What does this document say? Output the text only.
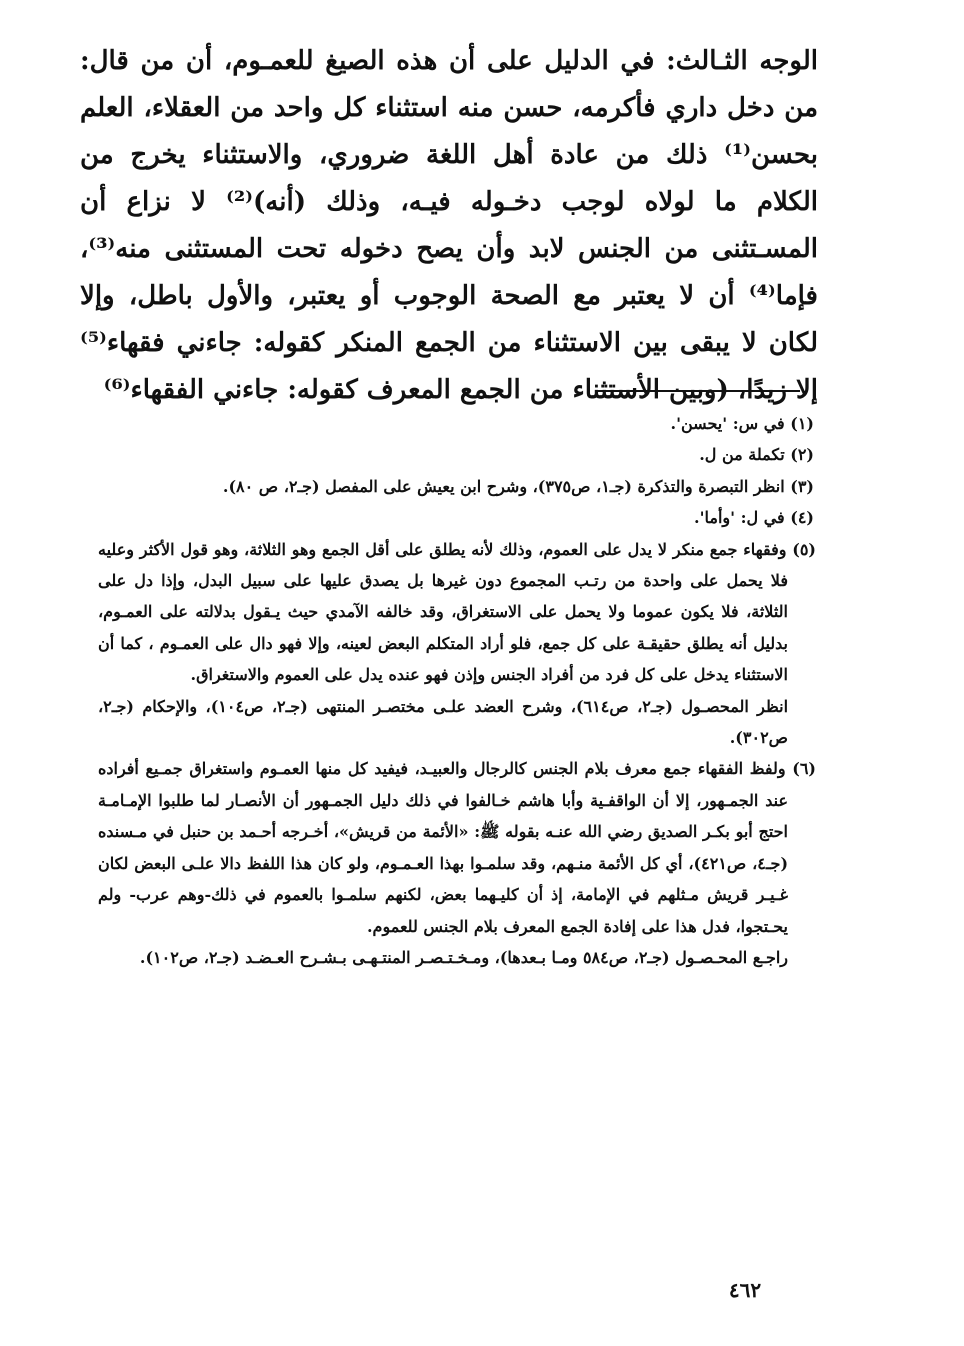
الوجه الثـالث: في الدليل على أن هذه الصيغ للعمـوم، أن من قال: من دخل داري فأكرمه، حسن منه استثناء كل واحد من العقلاء، العلم بحسن⁽¹⁾ ذلك من عادة أهل اللغة ضروري، والاستثناء يخرج من الكلام ما لولاه لوجب دخـوله فيـه، وذلك (أنه)⁽²⁾ لا نزاع أن المسـتثنى من الجنس لابد وأن يصح دخوله تحت المستثنى منه⁽³⁾، فإما⁽⁴⁾ أن لا يعتبر مع الصحة الوجوب أو يعتبر، والأول باطل، وإلا لكان لا يبقى بين الاستثناء من الجمع المنكر كقوله: جاءني فقهاء⁽⁵⁾ إلا زيدًا، (وبين الأستثناء من الجمع المعرف كقوله: جاءني الفقهاء⁽⁶⁾

(١) في س: 'يحسن'.

(٢) تكملة من ل.

(٣) انظر التبصرة والتذكرة (جـ١، ص٣٧٥)، وشرح ابن يعيش على المفصل (جـ٢، ص ٨٠).

(٤) في ل: 'وأما'.

(٥) وفقهاء جمع منكر لا يدل على العموم، وذلك لأنه يطلق على أقل الجمع وهو الثلاثة، وهو قول الأكثر وعليه فلا يحمل على واحدة من رتـب المجموع دون غيرها بل يصدق عليها على سبيل البدل، وإذا دل على الثلاثة، فلا يكون عموما ولا يحمل على الاستغراق، وقد خالفه الآمدي حيث يـقول بدلالته على العمـوم، بدليل أنه يطلق حقيقـة على كل جمع، فلو أراد المتكلم البعض لعينه، وإلا فهو دال على العمـوم ، كما أن الاستثناء يدخل على كل فرد من أفراد الجنس وإذن فهو عنده يدل على العموم والاستغراق.

انظر المحصـول (جـ٢، ص٦١٤)، وشرح العضد علـى مختصـر المنتهى (جـ٢، ص١٠٤)، والإحكام (جـ٢، ص٣٠٢).

(٦) ولفظ الفقهاء جمع معرف بلام الجنس كالرجال والعبيـد، فيفيد كل منها العمـوم واستغراق جمـيع أفراده عند الجمـهور، إلا أن الواقفـية وأبا هاشم خـالفوا في ذلك دليل الجمـهور أن الأنصـار لما طلبوا الإمـامـة احتج أبو بكـر الصديق رضي الله عنـه بقوله ﷺ: «الأئمة من قريش»، أخـرجه أحـمد بن حنبل في مـسنده (جـ٤، ص٤٢١)، أي كل الأئمة منـهم، وقد سلمـوا بهذا العـمـوم، ولو كان هذا اللفظ دالا علـى البعض لكان غـيـر قريش مـثلهم في الإمامة، إذ أن كليـهما بعض، لكنهم سلمـوا بالعموم في ذلك-وهم عرب- ولم يحـتجوا، فدل هذا على إفادة الجمع المعرف بلام الجنس للعموم.

راجـع المحـصـول (جـ٢، ص٥٨٤ ومـا بـعدها)، ومـخـتـصـر المنتـهـى بـشـرح العـضـد (جـ٢، ص١٠٢).

٤٦٢
